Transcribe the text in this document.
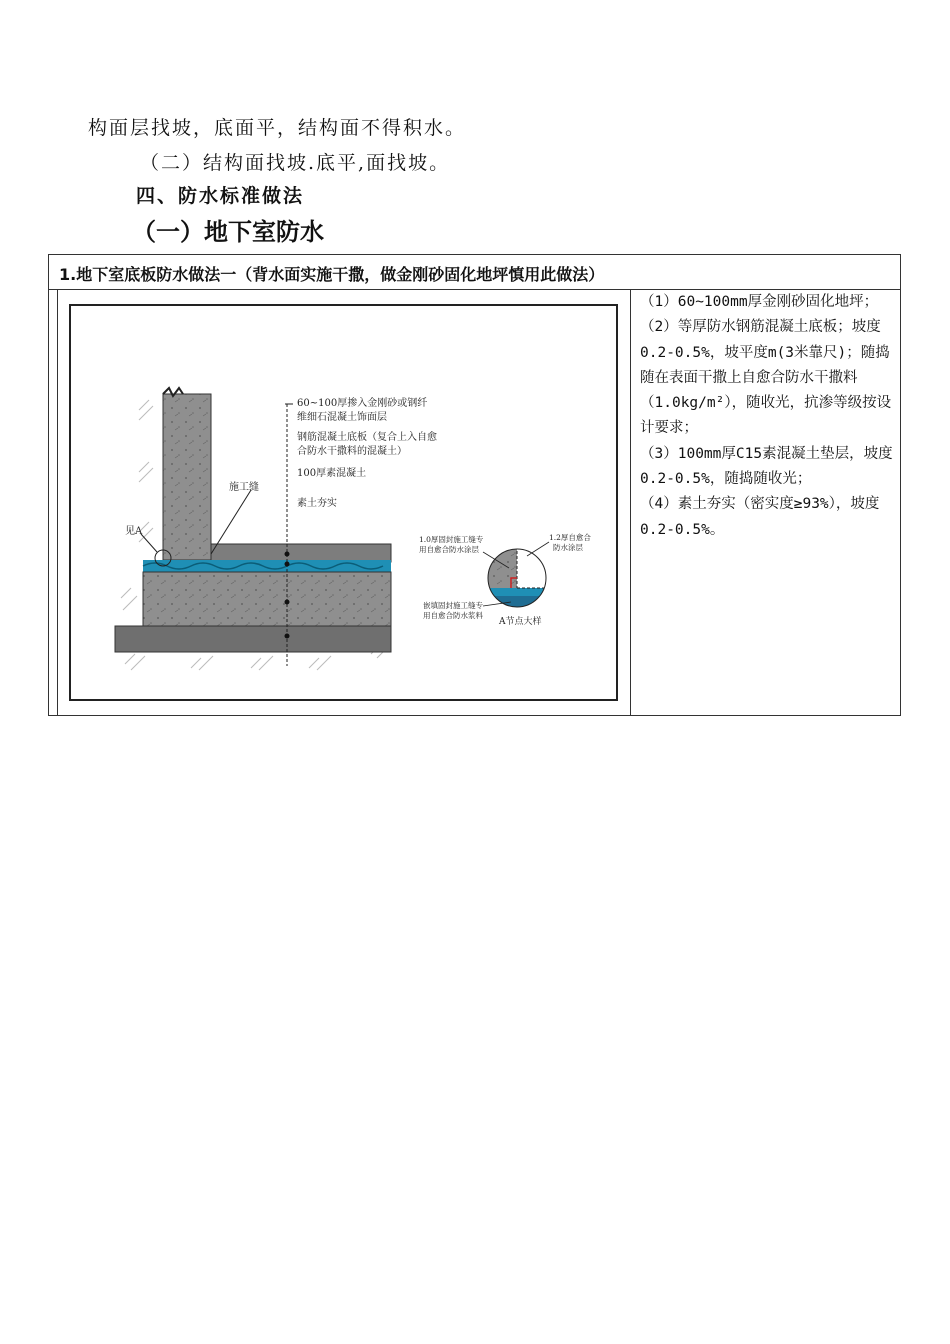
构面层找坡，底面平，结构面不得积水。
（二）结构面找坡.底平,面找坡。
四、防水标准做法
（一）地下室防水
1.地下室底板防水做法一（背水面实施干撒，做金刚砂固化地坪慎用此做法）
60~100厚掺入金刚砂或钢纤
维细石混凝土饰面层
钢筋混凝土底板（复合上入自愈
合防水干撒料的混凝土）
100厚素混凝土
素土夯实
施工缝
见A
1.0厚固封施工缝专
用自愈合防水涂层
1.2厚自愈合
防水涂层
嵌填固封施工缝专
用自愈合防水浆料
A节点大样
（1）60~100mm厚金刚砂固化地坪；
（2）等厚防水钢筋混凝土底板；坡度0.2-0.5%，坡平度m(3米靠尺)；随捣随在表面干撒上自愈合防水干撒料（1.0kg/m²），随收光，抗渗等级按设计要求；
（3）100mm厚C15素混凝土垫层，坡度0.2-0.5%，随捣随收光；
（4）素土夯实（密实度≥93%），坡度0.2-0.5%。
